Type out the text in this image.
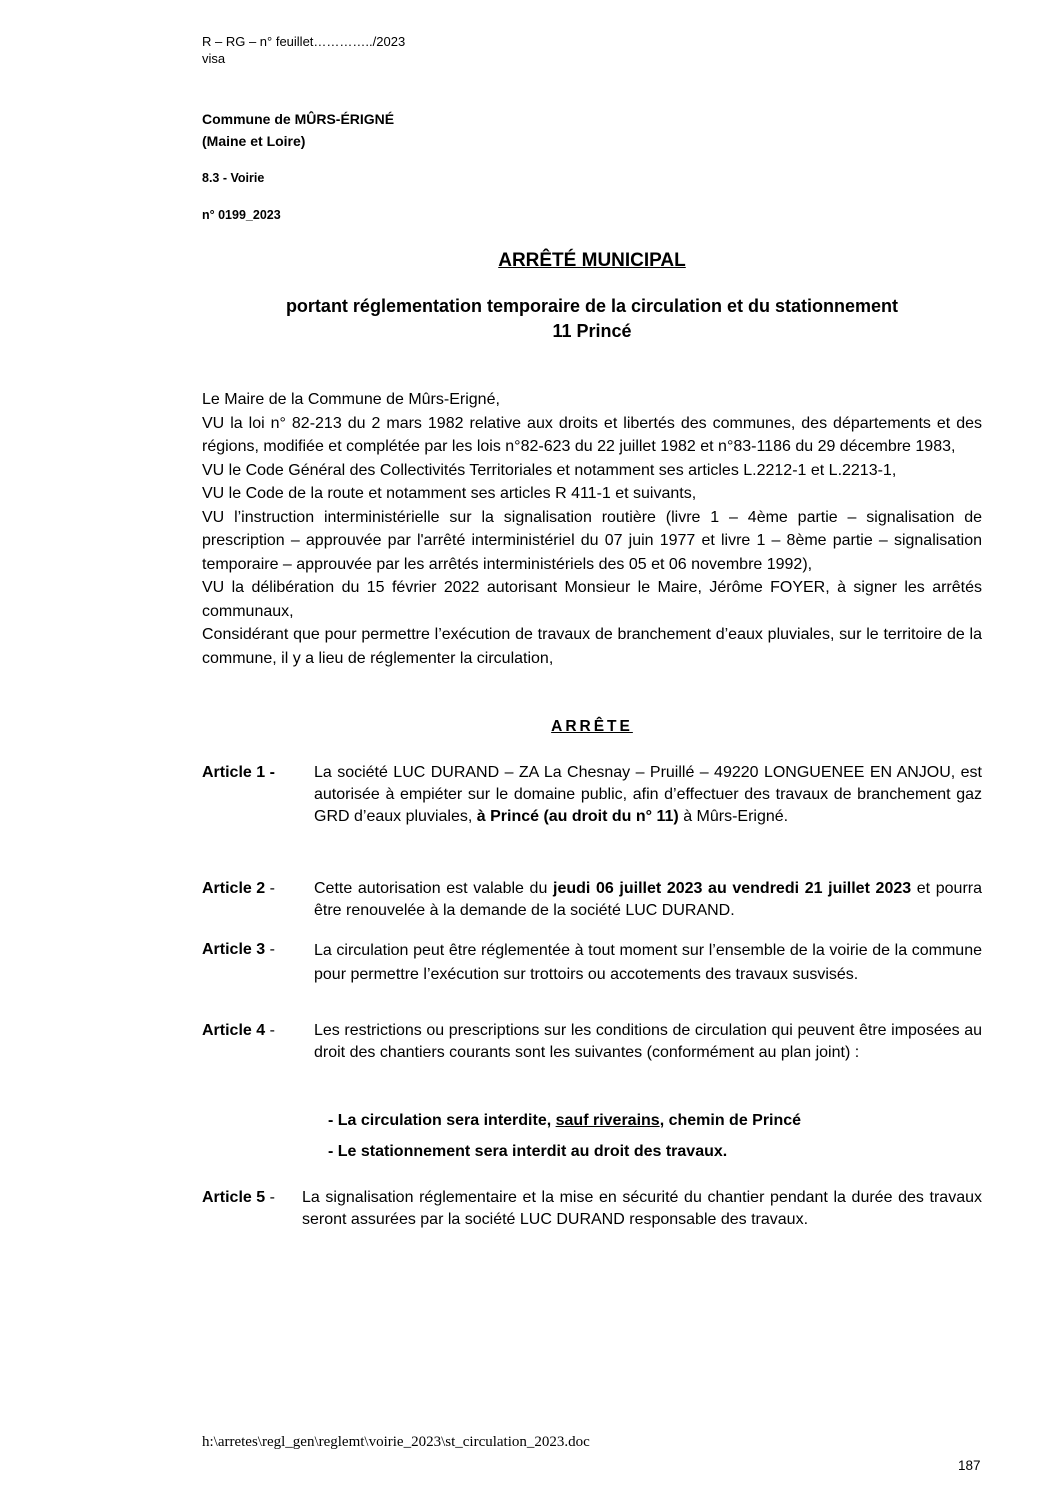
R – RG – n° feuillet…………../2023
visa
Commune de MÛRS-ÉRIGNÉ
(Maine et Loire)
8.3 - Voirie
n° 0199_2023
ARRÊTÉ MUNICIPAL
portant réglementation temporaire de la circulation et du stationnement
11 Princé

Le Maire de la Commune de Mûrs-Erigné,

VU la loi n° 82-213 du 2 mars 1982 relative aux droits et libertés des communes, des départements et des régions, modifiée et complétée par les lois n°82-623 du 22 juillet 1982 et n°83-1186 du 29 décembre 1983,

VU le Code Général des Collectivités Territoriales et notamment ses articles L.2212-1 et L.2213-1,

VU le Code de la route et notamment ses articles R 411-1 et suivants,

VU l’instruction interministérielle sur la signalisation routière (livre 1 – 4ème partie – signalisation de prescription – approuvée par l'arrêté interministériel du 07 juin 1977 et livre 1 – 8ème partie – signalisation temporaire – approuvée par les arrêtés interministériels des 05 et 06 novembre 1992),

VU la délibération du 15 février 2022 autorisant Monsieur le Maire, Jérôme FOYER, à signer les arrêtés communaux,

Considérant que pour permettre l’exécution de travaux de branchement d’eaux pluviales, sur le territoire de la commune, il y a lieu de réglementer la circulation,

ARRÊTE
Article 1 - La société LUC DURAND – ZA La Chesnay – Pruillé – 49220 LONGUENEE EN ANJOU, est autorisée à empiéter sur le domaine public, afin d’effectuer des travaux de branchement gaz GRD d’eaux pluviales, à Princé (au droit du n° 11) à Mûrs-Erigné.
Article 2 - Cette autorisation est valable du jeudi 06 juillet 2023 au vendredi 21 juillet 2023 et pourra être renouvelée à la demande de la société LUC DURAND.
Article 3 - La circulation peut être réglementée à tout moment sur l’ensemble de la voirie de la commune pour permettre l’exécution sur trottoirs ou accotements des travaux susvisés.
Article 4 - Les restrictions ou prescriptions sur les conditions de circulation qui peuvent être imposées au droit des chantiers courants sont les suivantes (conformément au plan joint) :
- La circulation sera interdite, sauf riverains, chemin de Princé
- Le stationnement sera interdit au droit des travaux.
Article 5 - La signalisation réglementaire et la mise en sécurité du chantier pendant la durée des travaux seront assurées par la société LUC DURAND responsable des travaux.
h:\arretes\regl_gen\reglemt\voirie_2023\st_circulation_2023.doc
187
